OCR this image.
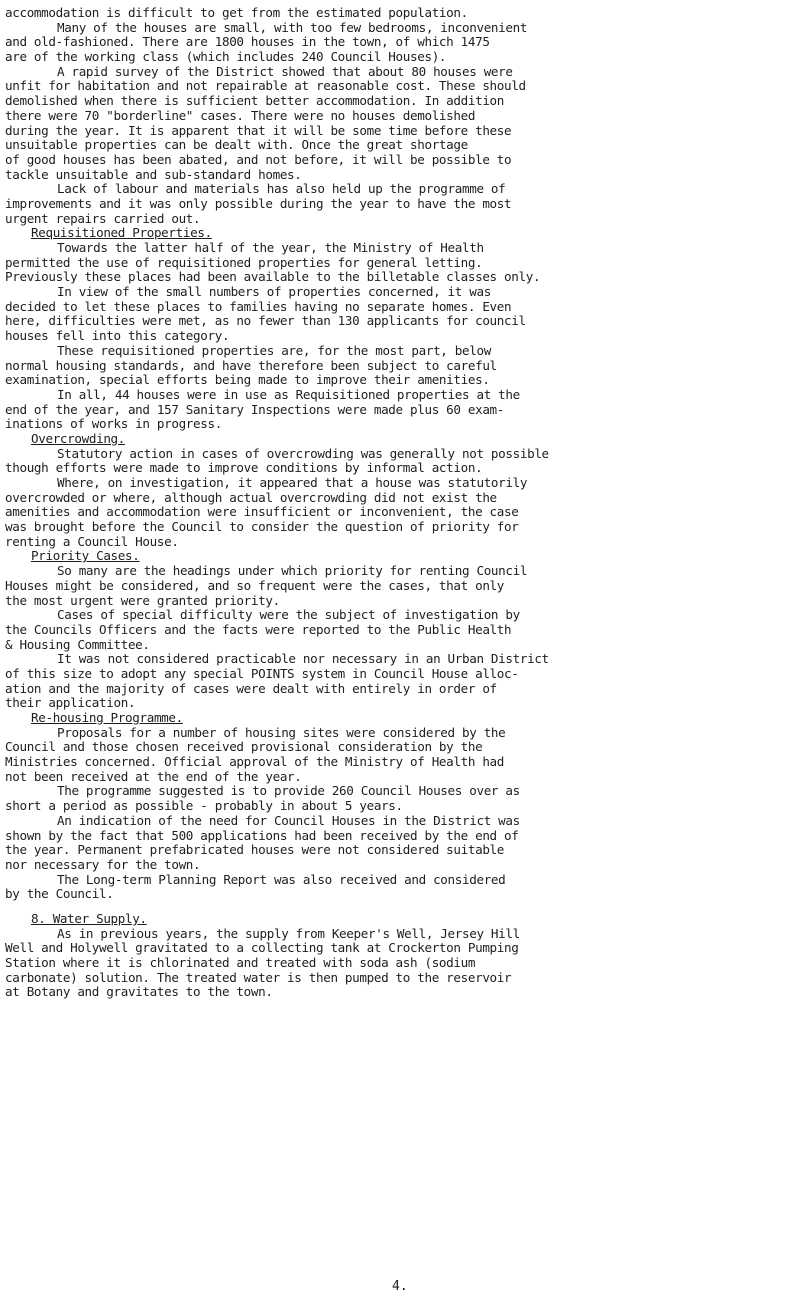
accommodation is difficult to get from the estimated population.
Many of the houses are small, with too few bedrooms, inconvenient
and old-fashioned. There are 1800 houses in the town, of which 1475
are of the working class (which includes 240 Council Houses).
A rapid survey of the District showed that about 80 houses were
unfit for habitation and not repairable at reasonable cost. These should
demolished when there is sufficient better accommodation. In addition
there were 70 "borderline" cases. There were no houses demolished
during the year. It is apparent that it will be some time before these
unsuitable properties can be dealt with. Once the great shortage
of good houses has been abated, and not before, it will be possible to
tackle unsuitable and sub-standard homes.
Lack of labour and materials has also held up the programme of
improvements and it was only possible during the year to have the most
urgent repairs carried out.
Requisitioned Properties.
Towards the latter half of the year, the Ministry of Health
permitted the use of requisitioned properties for general letting.
Previously these places had been available to the billetable classes only.
In view of the small numbers of properties concerned, it was
decided to let these places to families having no separate homes. Even
here, difficulties were met, as no fewer than 130 applicants for council
houses fell into this category.
These requisitioned properties are, for the most part, below
normal housing standards, and have therefore been subject to careful
examination, special efforts being made to improve their amenities.
In all, 44 houses were in use as Requisitioned properties at the
end of the year, and 157 Sanitary Inspections were made plus 60 exam-
inations of works in progress.
Overcrowding.
Statutory action in cases of overcrowding was generally not possible
though efforts were made to improve conditions by informal action.
Where, on investigation, it appeared that a house was statutorily
overcrowded or where, although actual overcrowding did not exist the
amenities and accommodation were insufficient or inconvenient, the case
was brought before the Council to consider the question of priority for
renting a Council House.
Priority Cases.
So many are the headings under which priority for renting Council
Houses might be considered, and so frequent were the cases, that only
the most urgent were granted priority.
Cases of special difficulty were the subject of investigation by
the Councils Officers and the facts were reported to the Public Health
& Housing Committee.
It was not considered practicable nor necessary in an Urban District
of this size to adopt any special POINTS system in Council House alloc-
ation and the majority of cases were dealt with entirely in order of
their application.
Re-housing Programme.
Proposals for a number of housing sites were considered by the
Council and those chosen received provisional consideration by the
Ministries concerned. Official approval of the Ministry of Health had
not been received at the end of the year.
The programme suggested is to provide 260 Council Houses over as
short a period as possible - probably in about 5 years.
An indication of the need for Council Houses in the District was
shown by the fact that 500 applications had been received by the end of
the year. Permanent prefabricated houses were not considered suitable
nor necessary for the town.
The Long-term Planning Report was also received and considered
by the Council.
8. Water Supply.
As in previous years, the supply from Keeper's Well, Jersey Hill
Well and Holywell gravitated to a collecting tank at Crockerton Pumping
Station where it is chlorinated and treated with soda ash (sodium
carbonate) solution. The treated water is then pumped to the reservoir
at Botany and gravitates to the town.
4.
